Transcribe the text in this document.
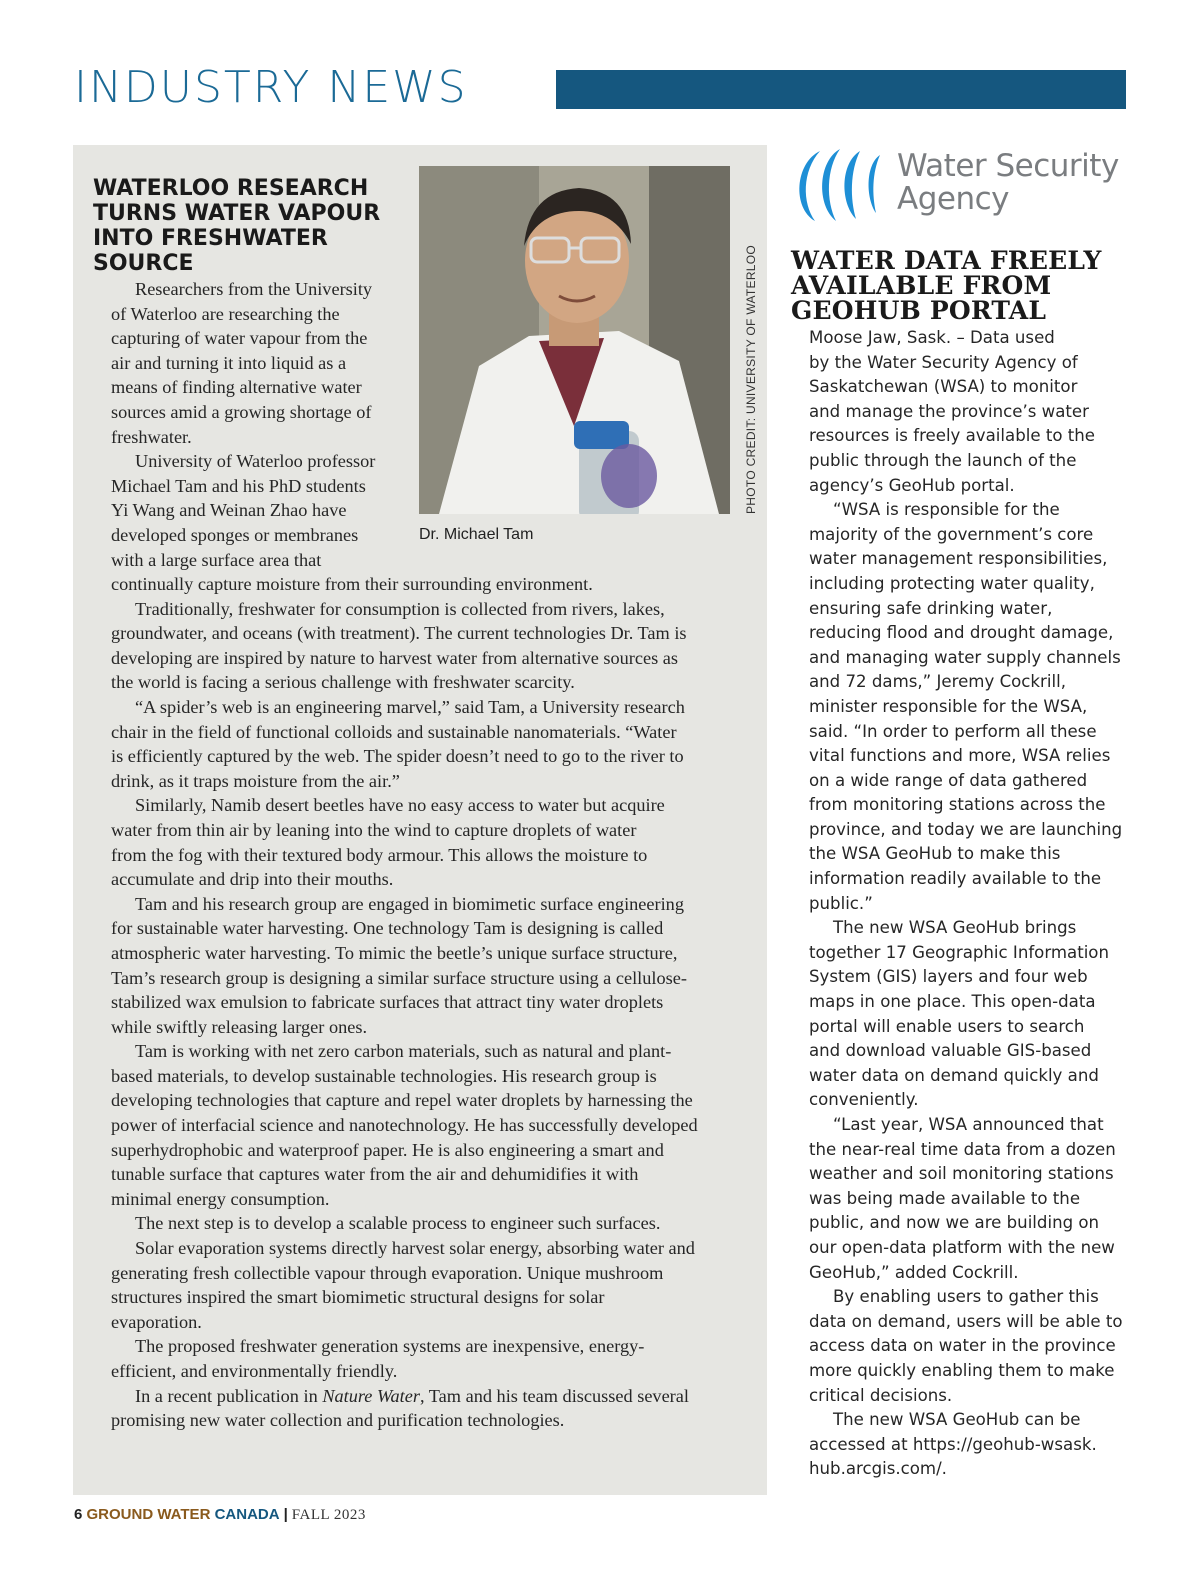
INDUSTRY NEWS
WATERLOO RESEARCH TURNS WATER VAPOUR INTO FRESHWATER SOURCE	PHOTO CREDIT: UNIVERSITY OF WATERLOO
Dr. Michael Tam
Researchers from the University
of Waterloo are researching the
capturing of water vapour from the
air and turning it into liquid as a
means of finding alternative water
sources amid a growing shortage of
freshwater.
University of Waterloo professor
Michael Tam and his PhD students
Yi Wang and Weinan Zhao have
developed sponges or membranes
with a large surface area that
continually capture moisture from their surrounding environment.
Traditionally, freshwater for consumption is collected from rivers, lakes,
groundwater, and oceans (with treatment). The current technologies Dr. Tam is
developing are inspired by nature to harvest water from alternative sources as
the world is facing a serious challenge with freshwater scarcity.
“A spider’s web is an engineering marvel,” said Tam, a University research
chair in the field of functional colloids and sustainable nanomaterials. “Water
is efficiently captured by the web. The spider doesn’t need to go to the river to
drink, as it traps moisture from the air.”
Similarly, Namib desert beetles have no easy access to water but acquire
water from thin air by leaning into the wind to capture droplets of water
from the fog with their textured body armour. This allows the moisture to
accumulate and drip into their mouths.
Tam and his research group are engaged in biomimetic surface engineering
for sustainable water harvesting. One technology Tam is designing is called
atmospheric water harvesting. To mimic the beetle’s unique surface structure,
Tam’s research group is designing a similar surface structure using a cellulose-
stabilized wax emulsion to fabricate surfaces that attract tiny water droplets
while swiftly releasing larger ones.
Tam is working with net zero carbon materials, such as natural and plant-
based materials, to develop sustainable technologies. His research group is
developing technologies that capture and repel water droplets by harnessing the
power of interfacial science and nanotechnology. He has successfully developed
superhydrophobic and waterproof paper. He is also engineering a smart and
tunable surface that captures water from the air and dehumidifies it with
minimal energy consumption.
The next step is to develop a scalable process to engineer such surfaces.
Solar evaporation systems directly harvest solar energy, absorbing water and
generating fresh collectible vapour through evaporation. Unique mushroom
structures inspired the smart biomimetic structural designs for solar
evaporation.
The proposed freshwater generation systems are inexpensive, energy-
efficient, and environmentally friendly.
In a recent publication in Nature Water, Tam and his team discussed several
promising new water collection and purification technologies.
Water Security
Agency
WATER DATA FREELY AVAILABLE FROM GEOHUB PORTAL
Moose Jaw, Sask. – Data used
by the Water Security Agency of
Saskatchewan (WSA) to monitor
and manage the province’s water
resources is freely available to the
public through the launch of the
agency’s GeoHub portal.
“WSA is responsible for the
majority of the government’s core
water management responsibilities,
including protecting water quality,
ensuring safe drinking water,
reducing flood and drought damage,
and managing water supply channels
and 72 dams,” Jeremy Cockrill,
minister responsible for the WSA,
said. “In order to perform all these
vital functions and more, WSA relies
on a wide range of data gathered
from monitoring stations across the
province, and today we are launching
the WSA GeoHub to make this
information readily available to the
public.”
The new WSA GeoHub brings
together 17 Geographic Information
System (GIS) layers and four web
maps in one place. This open-data
portal will enable users to search
and download valuable GIS-based
water data on demand quickly and
conveniently.
“Last year, WSA announced that
the near-real time data from a dozen
weather and soil monitoring stations
was being made available to the
public, and now we are building on
our open-data platform with the new
GeoHub,” added Cockrill.
By enabling users to gather this
data on demand, users will be able to
access data on water in the province
more quickly enabling them to make
critical decisions.
The new WSA GeoHub can be
accessed at https://geohub-wsask.
hub.arcgis.com/.
6 GROUND WATER CANADA | FALL 2023
